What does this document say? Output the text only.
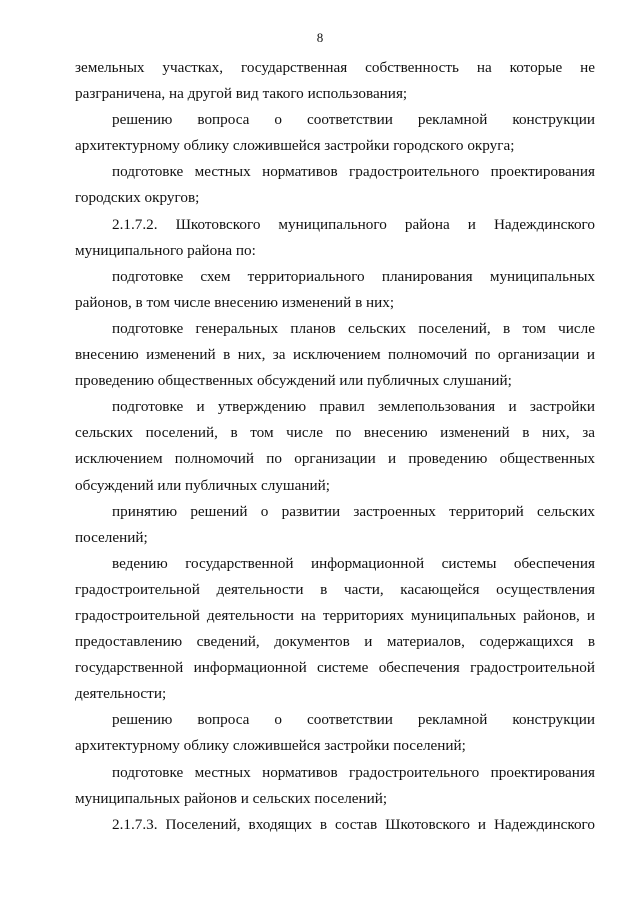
8

земельных участках, государственная собственность на которые не разграничена, на другой вид такого использования;

решению вопроса о соответствии рекламной конструкции архитектурному облику сложившейся застройки городского округа;

подготовке местных нормативов градостроительного проектирования городских округов;

2.1.7.2. Шкотовского муниципального района и Надеждинского муниципального района по:

подготовке схем территориального планирования муниципальных районов, в том числе внесению изменений в них;

подготовке генеральных планов сельских поселений, в том числе внесению изменений в них, за исключением полномочий по организации и проведению общественных обсуждений или публичных слушаний;

подготовке и утверждению правил землепользования и застройки сельских поселений, в том числе по внесению изменений в них, за исключением полномочий по организации и проведению общественных обсуждений или публичных слушаний;

принятию решений о развитии застроенных территорий сельских поселений;

ведению государственной информационной системы обеспечения градостроительной деятельности в части, касающейся осуществления градостроительной деятельности на территориях муниципальных районов, и предоставлению сведений, документов и материалов, содержащихся в государственной информационной системе обеспечения градостроительной деятельности;

решению вопроса о соответствии рекламной конструкции архитектурному облику сложившейся застройки поселений;

подготовке местных нормативов градостроительного проектирования муниципальных районов и сельских поселений;

2.1.7.3. Поселений, входящих в состав Шкотовского и Надеждинского
